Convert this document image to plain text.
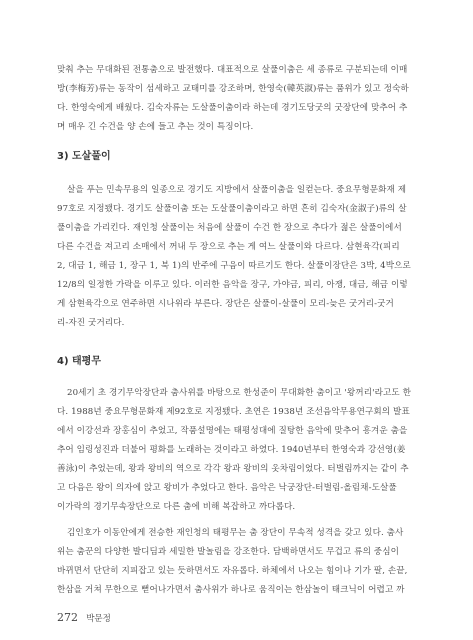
맞춰 추는 무대화된 전통춤으로 발전했다. 대표적으로 살풀이춤은 세 종류로 구분되는데 이매
방(李梅芳)류는 동작이 섬세하고 교태미를 강조하며, 한영숙(韓英淑)류는 품위가 있고 정숙하
다. 한영숙에게 배웠다. 김숙자류는 도살풀이춤이라 하는데 경기도당굿의 굿장단에 맞추어 추
며 매우 긴 수건을 양 손에 들고 추는 것이 특징이다.
3) 도살풀이
살을 푸는 민속무용의 일종으로 경기도 지방에서 살풀이춤을 일컫는다. 중요무형문화재 제
97호로 지정됐다. 경기도 살풀이춤 또는 도살풀이춤이라고 하면 흔히 김숙자(金淑子)류의 살
풀이춤을 가리킨다. 재인청 살풀이는 처음에 살풀이 수건 한 장으로 추다가 젊은 살풀이에서
다른 수건을 져고리 소매에서 꺼내 두 장으로 추는 게 여느 살풀이와 다르다. 삼현육각(피리
2, 대금 1, 해금 1, 장구 1, 북 1)의 반주에 구음이 따르기도 한다. 살풀이장단은 3박, 4박으로
12/8의 일정한 가락을 이루고 있다. 이러한 음악을 장구, 가야금, 피리, 아쟁, 대금, 해금 이렇
게 삼현육각으로 연주하면 시나위라 부른다. 장단은 살풀이-살풀이 모리-늦은 굿거리-굿거
리-자진 굿거리다.
4) 태평무
20세기 초 경기무악장단과 춤사위를 바탕으로 한성준이 무대화한 춤이고 '왕꺼리'라고도 한
다. 1988년 중요무형문화재 제92호로 지정됐다. 초연은 1938년 조선음악무용연구회의 발표
에서 이강선과 장홍심이 추었고, 작품설명에는 태평성대에 질탕한 음악에 맞추어 흥겨운 춤을
추어 임링성진과 더불어 평화를 노래하는 것이라고 하였다. 1940년부터 한영숙과 강선영(姜
善泳)이 추었는데, 왕과 왕비의 역으로 각각 왕과 왕비의 옷차림이었다. 터벌림까지는 같이 추
고 다음은 왕이 의자에 앉고 왕비가 추었다고 한다. 음악은 낙궁장단-터벌림-올림채-도살풀
이가락의 경기무속장단으로 다른 춤에 비해 복잡하고 까다롭다.
김인호가 이동안에게 전승한 재인청의 태평무는 춤 장단이 무속적 성격을 갖고 있다. 춤사
위는 춤꾼의 다양한 발디딤과 세밀한 발놀림을 강조한다. 담백하면서도 무겁고 류의 중심이
바뀌면서 단단히 지피잡고 있는 듯하면서도 자유롭다. 하체에서 나오는 힘이나 기가 팔, 손끝,
한삼을 거쳐 무한으로 뻗어나가면서 춤사위가 하나로 움직이는 한삼놀이 태크닉이 어렵고 까
272 박문정
